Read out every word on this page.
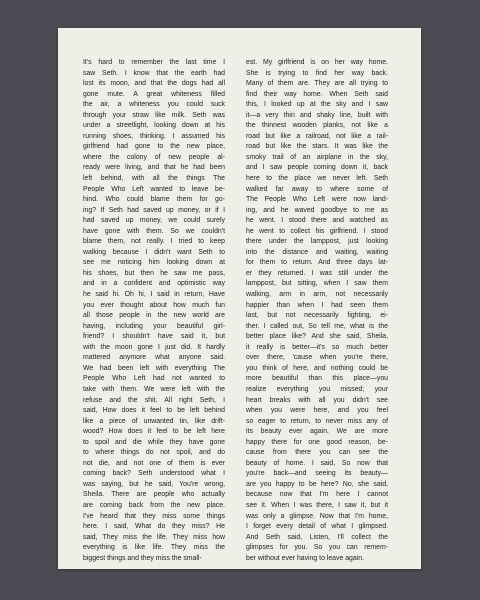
It's hard to remember the last time I
saw Seth. I know that the earth had
lost its moon, and that the dogs had all
gone mute. A great whiteness filled
the air, a whiteness you could suck
through your straw like milk. Seth was
under a streetlight, looking down at his
running shoes, thinking. I assumed his
girlfriend had gone to the new place,
where the colony of new people al-
ready were living, and that he had been
left behind, with all the things The
People Who Left wanted to leave be-
hind. Who could blame them for go-
ing? If Seth had saved up money, or if I
had saved up money, we could surely
have gone with them. So we couldn't
blame them, not really. I tried to keep
walking because I didn't want Seth to
see me noticing him looking down at
his shoes, but then he saw me pass,
and in a confident and optimistic way
he said hi. Oh hi, I said in return, Have
you ever thought about how much fun
all those people in the new world are
having, including your beautiful girl-
friend? I shouldn't have said it, but
with the moon gone I just did. It hardly
mattered anymore what anyone said.
We had been left with everything The
People Who Left had not wanted to
take with them. We were left with the
refuse and the shit. All right Seth, I
said, How does it feel to be left behind
like a piece of unwanted tin, like drift-
wood? How does it feel to be left here
to spoil and die while they have gone
to where things do not spoil, and do
not die, and not one of them is ever
coming back? Seth understood what I
was saying, but he said, You're wrong,
Sheila. There are people who actually
are coming back from the new place.
I've heard that they miss some things
here. I said, What do they miss? He
said, They miss the life. They miss how
everything is like life. They miss the
biggest things and they miss the small-
est. My girlfriend is on her way home.
She is trying to find her way back.
Many of them are. They are all trying to
find their way home. When Seth said
this, I looked up at the sky and I saw
it—a very thin and shaky line, built with
the thinnest wooden planks, not like a
road but like a railroad, not like a rail-
road but like the stars. It was like the
smoky trail of an airplane in the sky,
and I saw people coming down it, back
here to the place we never left. Seth
walked far away to where some of
The People Who Left were now land-
ing, and he waved goodbye to me as
he went. I stood there and watched as
he went to collect his girlfriend. I stood
there under the lamppost, just looking
into the distance and waiting, waiting
for them to return. And three days lat-
er they returned. I was still under the
lamppost, but sitting, when I saw them
walking, arm in arm, not necessarily
happier than when I had seen them
last, but not necessarily fighting, ei-
ther. I called out, So tell me, what is the
better place like? And she said, Sheila,
it really is better—it's so much better
over there, 'cause when you're there,
you think of here, and nothing could be
more beautiful than this place—you
realize everything you missed; your
heart breaks with all you didn't see
when you were here, and you feel
so eager to return, to never miss any of
its beauty ever again. We are more
happy there for one good reason, be-
cause from there you can see the
beauty of home. I said, So now that
you're back—and seeing its beauty—
are you happy to be here? No, she said,
because now that I'm here I cannot
see it. When I was there, I saw it, but it
was only a glimpse. Now that I'm home,
I forget every detail of what I glimpsed.
And Seth said, Listen, I'll collect the
glimpses for you. So you can remem-
ber without ever having to leave again.
